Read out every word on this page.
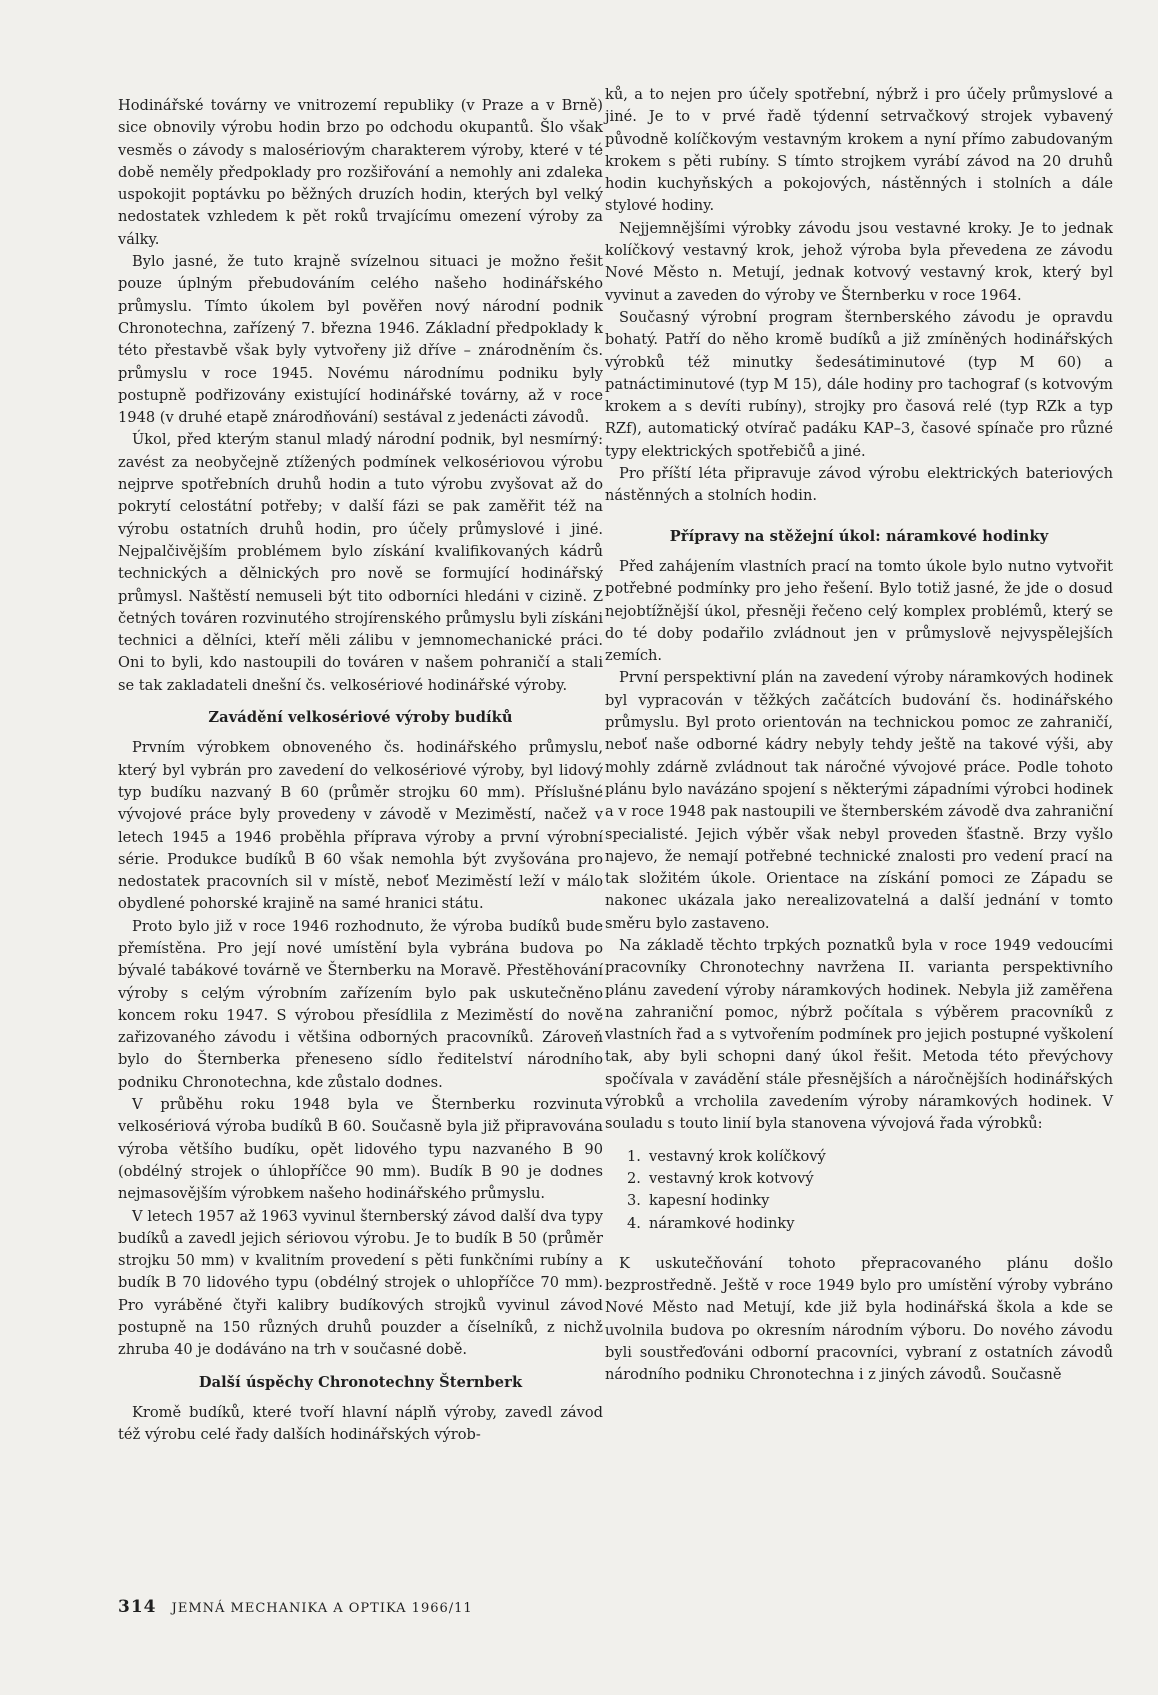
Hodinářské továrny ve vnitrozemí republiky (v Praze a v Brně) sice obnovily výrobu hodin brzo po odchodu okupantů. Šlo však vesměs o závody s malosériovým charakterem výroby, které v té době neměly předpoklady pro rozšiřování a nemohly ani zdaleka uspokojit poptávku po běžných druzích hodin, kterých byl velký nedostatek vzhledem k pět roků trvajícímu omezení výroby za války.

Bylo jasné, že tuto krajně svízelnou situaci je možno řešit pouze úplným přebudováním celého našeho hodinářského průmyslu. Tímto úkolem byl pověřen nový národní podnik Chronotechna, zařízený 7. března 1946. Základní předpoklady k této přestavbě však byly vytvořeny již dříve – znárodněním čs. průmyslu v roce 1945. Novému národnímu podniku byly postupně podřizovány existující hodinářské továrny, až v roce 1948 (v druhé etapě znárodňování) sestával z jedenácti závodů.

Úkol, před kterým stanul mladý národní podnik, byl nesmírný: zavést za neobyčejně ztížených podmínek velkosériovou výrobu nejprve spotřebních druhů hodin a tuto výrobu zvyšovat až do pokrytí celostátní potřeby; v další fázi se pak zaměřit též na výrobu ostatních druhů hodin, pro účely průmyslové i jiné. Nejpalčivějším problémem bylo získání kvalifikovaných kádrů technických a dělnických pro nově se formující hodinářský průmysl. Naštěstí nemuseli být tito odborníci hledáni v cizině. Z četných továren rozvinutého strojírenského průmyslu byli získáni technici a dělníci, kteří měli zálibu v jemnomechanické práci. Oni to byli, kdo nastoupili do továren v našem pohraničí a stali se tak zakladateli dnešní čs. velkosériové hodinářské výroby.

Zavádění velkosériové výroby budíků

Prvním výrobkem obnoveného čs. hodinářského průmyslu, který byl vybrán pro zavedení do velkosériové výroby, byl lidový typ budíku nazvaný B 60 (průměr strojku 60 mm). Příslušné vývojové práce byly provedeny v závodě v Meziměstí, načež v letech 1945 a 1946 proběhla příprava výroby a první výrobní série. Produkce budíků B 60 však nemohla být zvyšována pro nedostatek pracovních sil v místě, neboť Meziměstí leží v málo obydlené pohorské krajině na samé hranici státu.

Proto bylo již v roce 1946 rozhodnuto, že výroba budíků bude přemístěna. Pro její nové umístění byla vybrána budova po bývalé tabákové továrně ve Šternberku na Moravě. Přestěhování výroby s celým výrobním zařízením bylo pak uskutečněno koncem roku 1947. S výrobou přesídlila z Meziměstí do nově zařizovaného závodu i většina odborných pracovníků. Zároveň bylo do Šternberka přeneseno sídlo ředitelství národního podniku Chronotechna, kde zůstalo dodnes.

V průběhu roku 1948 byla ve Šternberku rozvinuta velkosériová výroba budíků B 60. Současně byla již připravována výroba většího budíku, opět lidového typu nazvaného B 90 (obdélný strojek o úhlopříčce 90 mm). Budík B 90 je dodnes nejmasovějším výrobkem našeho hodinářského průmyslu.

V letech 1957 až 1963 vyvinul šternberský závod další dva typy budíků a zavedl jejich sériovou výrobu. Je to budík B 50 (průměr strojku 50 mm) v kvalitním provedení s pěti funkčními rubíny a budík B 70 lidového typu (obdélný strojek o uhlopříčce 70 mm). Pro vyráběné čtyři kalibry budíkových strojků vyvinul závod postupně na 150 různých druhů pouzder a číselníků, z nichž zhruba 40 je dodáváno na trh v současné době.

Další úspěchy Chronotechny Šternberk

Kromě budíků, které tvoří hlavní náplň výroby, zavedl závod též výrobu celé řady dalších hodinářských výrob-

ků, a to nejen pro účely spotřební, nýbrž i pro účely průmyslové a jiné. Je to v prvé řadě týdenní setrvačkový strojek vybavený původně kolíčkovým vestavným krokem a nyní přímo zabudovaným krokem s pěti rubíny. S tímto strojkem vyrábí závod na 20 druhů hodin kuchyňských a pokojových, nástěnných i stolních a dále stylové hodiny.

Nejjemnějšími výrobky závodu jsou vestavné kroky. Je to jednak kolíčkový vestavný krok, jehož výroba byla převedena ze závodu Nové Město n. Metují, jednak kotvový vestavný krok, který byl vyvinut a zaveden do výroby ve Šternberku v roce 1964.

Současný výrobní program šternberského závodu je opravdu bohatý. Patří do něho kromě budíků a již zmíněných hodinářských výrobků též minutky šedesátiminutové (typ M 60) a patnáctiminutové (typ M 15), dále hodiny pro tachograf (s kotvovým krokem a s devíti rubíny), strojky pro časová relé (typ RZk a typ RZf), automatický otvírač padáku KAP–3, časové spínače pro různé typy elektrických spotřebičů a jiné.

Pro příští léta připravuje závod výrobu elektrických bateriových nástěnných a stolních hodin.

Přípravy na stěžejní úkol: náramkové hodinky

Před zahájením vlastních prací na tomto úkole bylo nutno vytvořit potřebné podmínky pro jeho řešení. Bylo totiž jasné, že jde o dosud nejobtížnější úkol, přesněji řečeno celý komplex problémů, který se do té doby podařilo zvládnout jen v průmyslově nejvyspělejších zemích.

První perspektivní plán na zavedení výroby náramkových hodinek byl vypracován v těžkých začátcích budování čs. hodinářského průmyslu. Byl proto orientován na technickou pomoc ze zahraničí, neboť naše odborné kádry nebyly tehdy ještě na takové výši, aby mohly zdárně zvládnout tak náročné vývojové práce. Podle tohoto plánu bylo navázáno spojení s některými západními výrobci hodinek a v roce 1948 pak nastoupili ve šternberském závodě dva zahraniční specialisté. Jejich výběr však nebyl proveden šťastně. Brzy vyšlo najevo, že nemají potřebné technické znalosti pro vedení prací na tak složitém úkole. Orientace na získání pomoci ze Západu se nakonec ukázala jako nerealizovatelná a další jednání v tomto směru bylo zastaveno.

Na základě těchto trpkých poznatků byla v roce 1949 vedoucími pracovníky Chronotechny navržena II. varianta perspektivního plánu zavedení výroby náramkových hodinek. Nebyla již zaměřena na zahraniční pomoc, nýbrž počítala s výběrem pracovníků z vlastních řad a s vytvořením podmínek pro jejich postupné vyškolení tak, aby byli schopni daný úkol řešit. Metoda této převýchovy spočívala v zavádění stále přesnějších a náročnějších hodinářských výrobků a vrcholila zavedením výroby náramkových hodinek. V souladu s touto linií byla stanovena vývojová řada výrobků:

1. vestavný krok kolíčkový
2. vestavný krok kotvový
3. kapesní hodinky
4. náramkové hodinky

K uskutečňování tohoto přepracovaného plánu došlo bezprostředně. Ještě v roce 1949 bylo pro umístění výroby vybráno Nové Město nad Metují, kde již byla hodinářská škola a kde se uvolnila budova po okresním národním výboru. Do nového závodu byli soustřeďováni odborní pracovníci, vybraní z ostatních závodů národního podniku Chronotechna i z jiných závodů. Současně

314 JEMNÁ MECHANIKA A OPTIKA 1966/11
